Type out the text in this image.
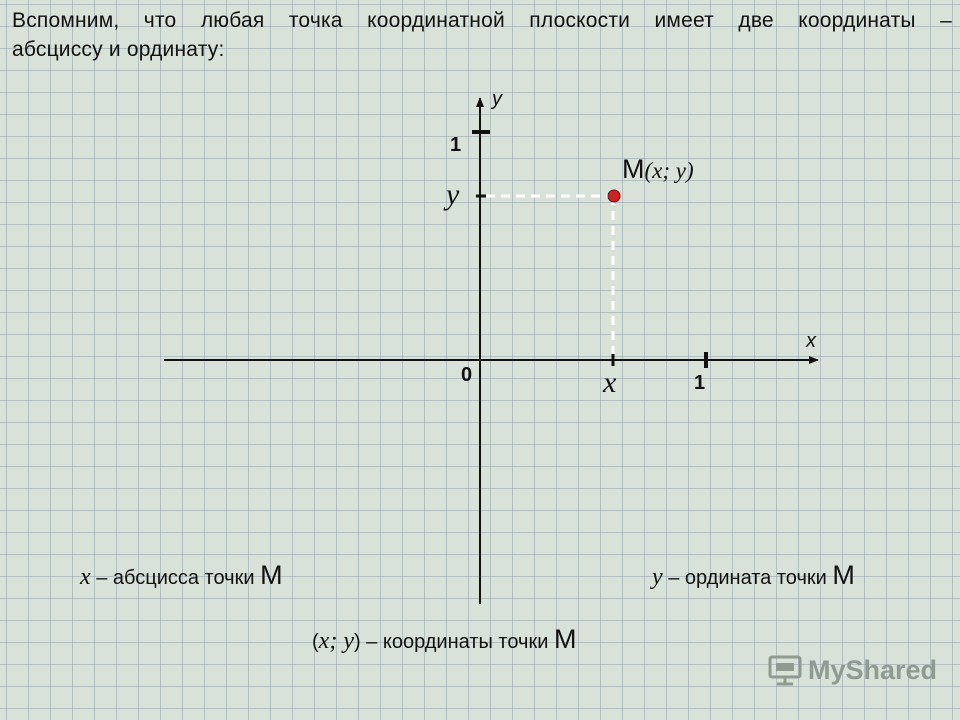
Вспомним, что любая точка координатной плоскости имеет две координаты –
абсциссу и ординату:
y
x
1
0	1
y
x
M(x; y)
x – абсцисса точки M	y – ордината точки M
(x; y) – координаты точки M
MyShared
